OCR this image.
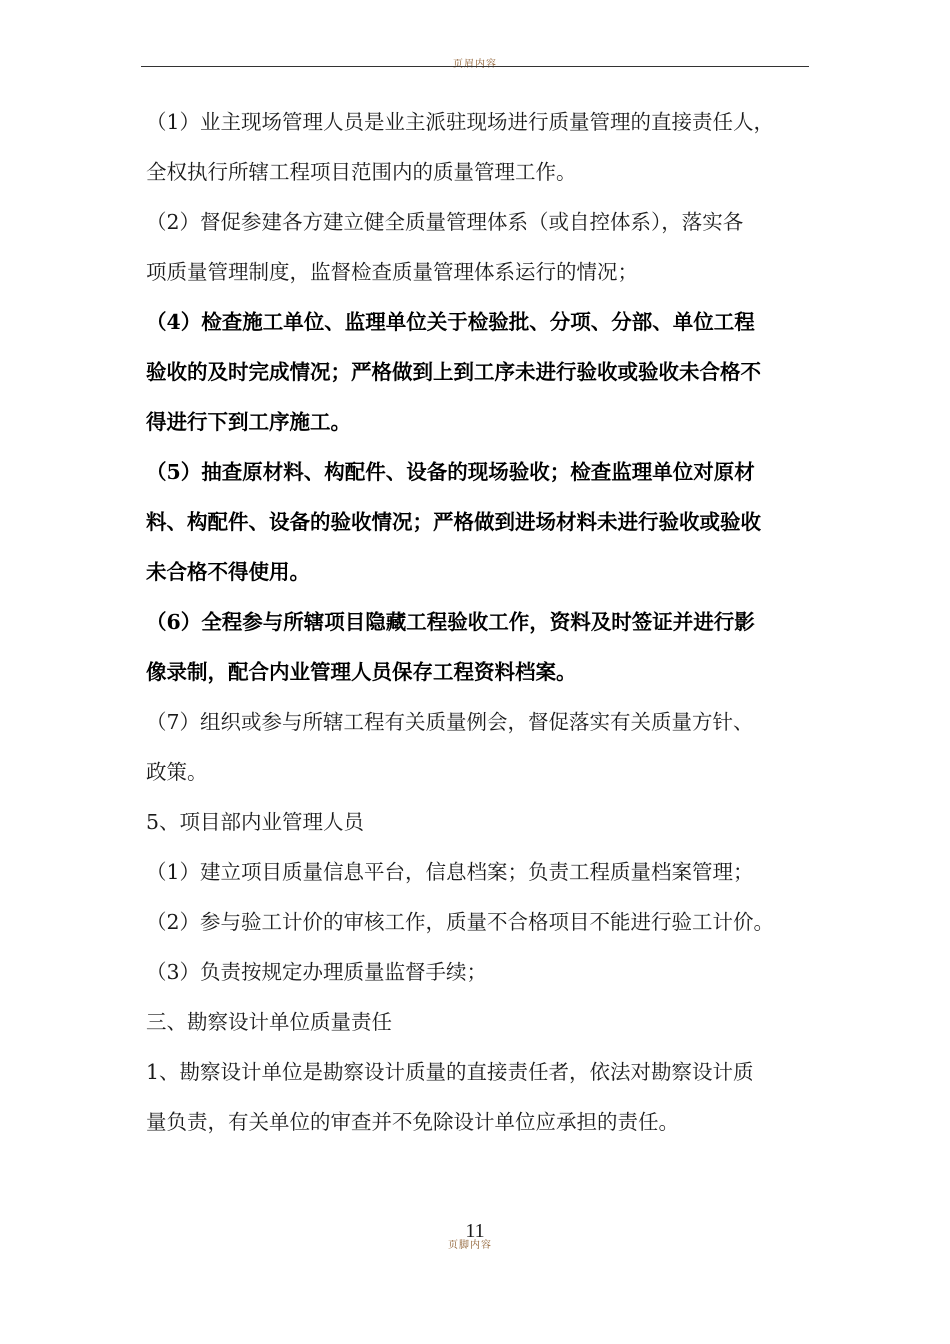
页眉内容
（1）业主现场管理人员是业主派驻现场进行质量管理的直接责任人，
全权执行所辖工程项目范围内的质量管理工作。
（2）督促参建各方建立健全质量管理体系（或自控体系），落实各
项质量管理制度，监督检查质量管理体系运行的情况；
（4）检查施工单位、监理单位关于检验批、分项、分部、单位工程
验收的及时完成情况；严格做到上到工序未进行验收或验收未合格不
得进行下到工序施工。
（5）抽查原材料、构配件、设备的现场验收；检查监理单位对原材
料、构配件、设备的验收情况；严格做到进场材料未进行验收或验收
未合格不得使用。
（6）全程参与所辖项目隐藏工程验收工作，资料及时签证并进行影
像录制，配合内业管理人员保存工程资料档案。
（7）组织或参与所辖工程有关质量例会，督促落实有关质量方针、
政策。
5、项目部内业管理人员
（1）建立项目质量信息平台，信息档案；负责工程质量档案管理；
（2）参与验工计价的审核工作，质量不合格项目不能进行验工计价。
（3）负责按规定办理质量监督手续；
三、勘察设计单位质量责任
1、勘察设计单位是勘察设计质量的直接责任者，依法对勘察设计质
量负责，有关单位的审查并不免除设计单位应承担的责任。
11
页脚内容
